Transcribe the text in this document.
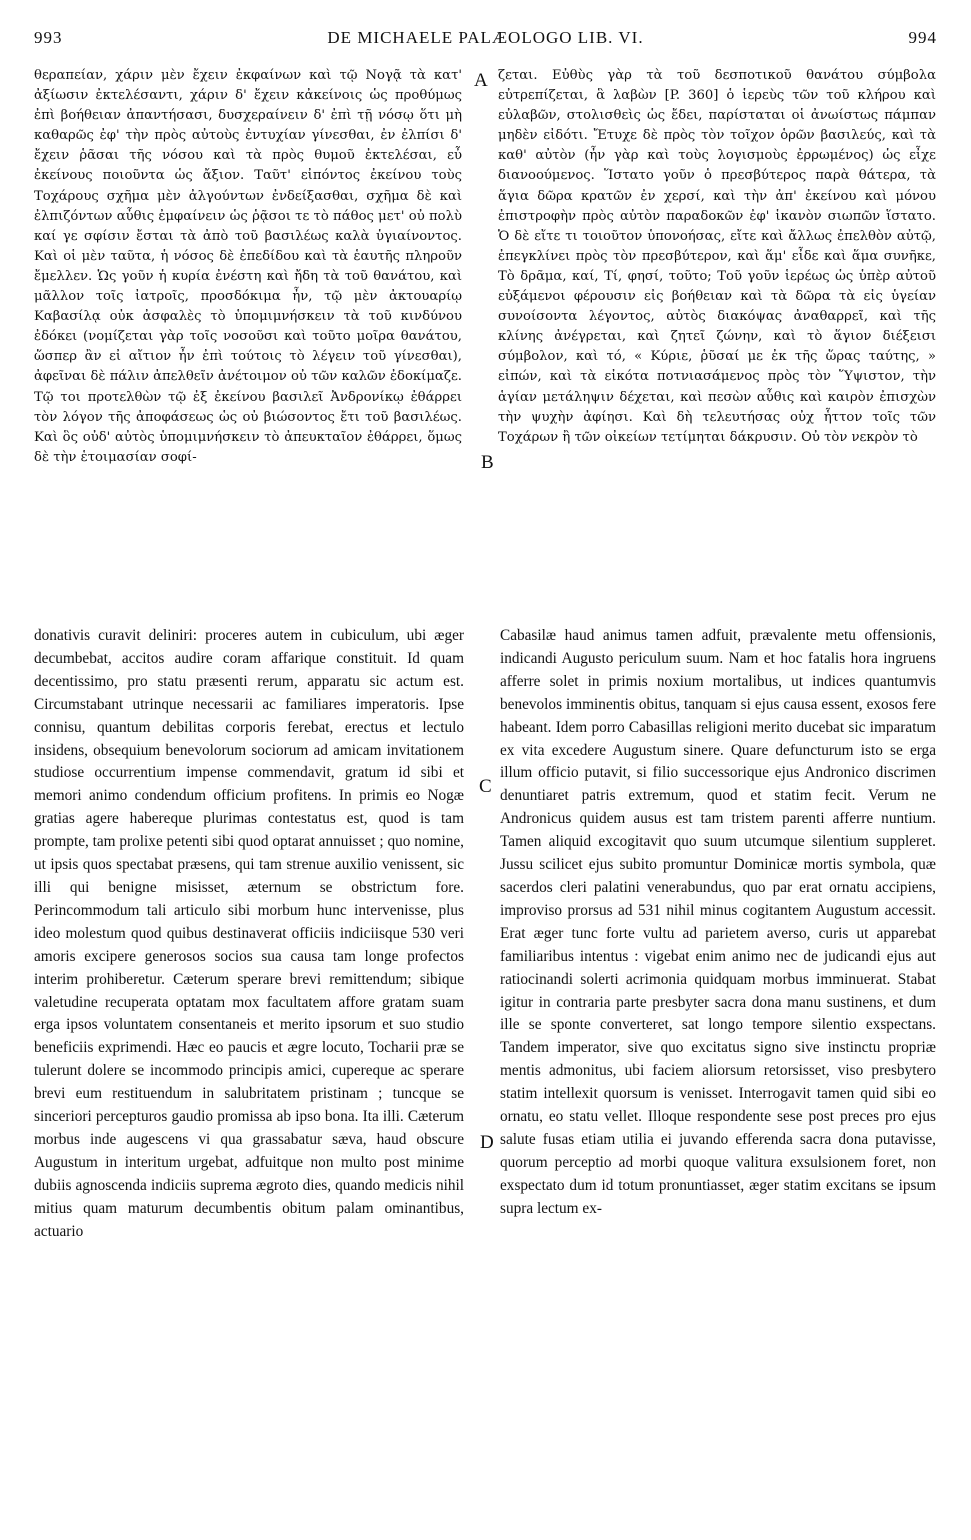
993	DE MICHAELE PALÆOLOGO LIB. VI.	994
A
B
C
D

θεραπείαν, χάριν μὲν ἔχειν ἐκφαίνων καὶ τῷ Νογᾷ τὰ κατ' ἀξίωσιν ἐκτελέσαντι, χάριν δ' ἔχειν κἀκείνοις ὡς προθύμως ἐπὶ βοήθειαν ἀπαντήσασι, δυσχεραίνειν δ' ἐπὶ τῇ νόσῳ ὅτι μὴ καθαρῶς ἐφ' τὴν πρὸς αὐτοὺς ἐντυχίαν γίνεσθαι, ἐν ἐλπίσι δ' ἔχειν ῥᾶσαι τῆς νόσου καὶ τὰ πρὸς θυμοῦ ἐκτελέσαι, εὖ ἐκείνους ποιοῦντα ὡς ἄξιον. Ταῦτ' εἰπόντος ἐκείνου τοὺς Τοχάρους σχῆμα μὲν ἀλγούντων ἐνδείξασθαι, σχῆμα δὲ καὶ ἐλπιζόντων αὖθις ἐμφαίνειν ὡς ῥᾷσοι τε τὸ πάθος μετ' οὐ πολὺ καί γε σφίσιν ἔσται τὰ ἀπὸ τοῦ βασιλέως καλὰ ὑγιαίνοντος. Καὶ οἱ μὲν ταῦτα, ἡ νόσος δὲ ἐπεδίδου καὶ τὰ ἑαυτῆς πληροῦν ἔμελλεν. Ὡς γοῦν ἡ κυρία ἐνέστη καὶ ἤδη τὰ τοῦ θανάτου, καὶ μᾶλλον τοῖς ἰατροῖς, προσδόκιμα ἦν, τῷ μὲν ἀκτουαρίῳ Καβασίλᾳ οὐκ ἀσφαλὲς τὸ ὑπομιμνήσκειν τὰ τοῦ κινδύνου ἐδόκει (νομίζεται γὰρ τοῖς νοσοῦσι καὶ τοῦτο μοῖρα θανάτου, ὥσπερ ἂν εἰ αἴτιον ἦν ἐπὶ τούτοις τὸ λέγειν τοῦ γίνεσθαι), ἀφεῖναι δὲ πάλιν ἀπελθεῖν ἀνέτοιμον οὐ τῶν καλῶν ἐδοκίμαζε. Τῷ τοι προτελθὼν τῷ ἐξ ἐκείνου βασιλεῖ Ἀνδρονίκῳ ἐθάρρει τὸν λόγον τῆς ἀποφάσεως ὡς οὐ βιώσοντος ἔτι τοῦ βασιλέως. Καὶ ὃς οὐδ' αὐτὸς ὑπομιμνήσκειν τὸ ἀπευκταῖον ἐθάρρει, ὅμως δὲ τὴν ἑτοιμασίαν σοφί-

ζεται. Εὐθὺς γὰρ τὰ τοῦ δεσποτικοῦ θανάτου σύμβολα εὐτρεπίζεται, ἃ λαβὼν [P. 360] ὁ ἱερεὺς τῶν τοῦ κλήρου καὶ εὐλαβῶν, στολισθεὶς ὡς ἔδει, παρίσταται οἱ ἀνωίστως πάμπαν μηδὲν εἰδότι. Ἔτυχε δὲ πρὸς τὸν τοῖχον ὁρῶν βασιλεύς, καὶ τὰ καθ' αὐτὸν (ἦν γὰρ καὶ τοὺς λογισμοὺς ἐρρωμένος) ὡς εἶχε διανοούμενος. Ἵστατο γοῦν ὁ πρεσβύτερος παρὰ θάτερα, τὰ ἅγια δῶρα κρατῶν ἐν χερσί, καὶ τὴν ἀπ' ἐκείνου καὶ μόνου ἐπιστροφὴν πρὸς αὐτὸν παραδοκῶν ἐφ' ἱκανὸν σιωπῶν ἵστατο. Ὁ δὲ εἴτε τι τοιοῦτον ὑπονοήσας, εἴτε καὶ ἄλλως ἐπελθὸν αὐτῷ, ἐπεγκλίνει πρὸς τὸν πρεσβύτερον, καὶ ἅμ' εἶδε καὶ ἅμα συνῆκε, Τὸ δρᾶμα, καί, Τί, φησί, τοῦτο; Τοῦ γοῦν ἱερέως ὡς ὑπὲρ αὐτοῦ εὐξάμενοι φέρουσιν εἰς βοήθειαν καὶ τὰ δῶρα τὰ εἰς ὑγείαν συνοίσοντα λέγοντος, αὐτὸς διακόψας ἀναθαρρεῖ, καὶ τῆς κλίνης ἀνέγρεται, καὶ ζητεῖ ζώνην, καὶ τὸ ἅγιον διέξεισι σύμβολον, καὶ τό, « Κύριε, ῥῦσαί με ἐκ τῆς ὥρας ταύτης, » εἰπών, καὶ τὰ εἰκότα ποτνιασάμενος πρὸς τὸν Ὕψιστον, τὴν ἁγίαν μετάληψιν δέχεται, καὶ πεσὼν αὖθις καὶ καιρὸν ἐπισχὼν τὴν ψυχὴν ἀφίησι. Καὶ δὴ τελευτήσας οὐχ ἧττον τοῖς τῶν Τοχάρων ἢ τῶν οἰκείων τετίμηται δάκρυσιν. Οὐ τὸν νεκρὸν τὸ

donativis curavit deliniri: proceres autem in cubiculum, ubi æger decumbebat, accitos audire coram affarique constituit. Id quam decentissimo, pro statu præsenti rerum, apparatu sic actum est. Circumstabant utrinque necessarii ac familiares imperatoris. Ipse connisu, quantum debilitas corporis ferebat, erectus et lectulo insidens, obsequium benevolorum sociorum ad amicam invitationem studiose occurrentium impense commendavit, gratum id sibi et memori animo condendum officium profitens. In primis eo Nogæ gratias agere habereque plurimas contestatus est, quod is tam prompte, tam prolixe petenti sibi quod optarat annuisset ; quo nomine, ut ipsis quos spectabat præsens, qui tam strenue auxilio venissent, sic illi qui benigne misisset, æternum se obstrictum fore. Perincommodum tali articulo sibi morbum hunc intervenisse, plus ideo molestum quod quibus destinaverat officiis indiciisque 530 veri amoris excipere generosos socios sua causa tam longe profectos interim prohiberetur. Cæterum sperare brevi remittendum; sibique valetudine recuperata optatam mox facultatem affore gratam suam erga ipsos voluntatem consentaneis et merito ipsorum et suo studio beneficiis exprimendi. Hæc eo paucis et ægre locuto, Tocharii præ se tulerunt dolere se incommodo principis amici, cupereque ac sperare brevi eum restituendum in salubritatem pristinam ; tuncque se sinceriori percepturos gaudio promissa ab ipso bona. Ita illi. Cæterum morbus inde augescens vi qua grassabatur sæva, haud obscure Augustum in interitum urgebat, adfuitque non multo post minime dubiis agnoscenda indiciis suprema ægroto dies, quando medicis nihil mitius quam maturum decumbentis obitum palam ominantibus, actuario

Cabasilæ haud animus tamen adfuit, prævalente metu offensionis, indicandi Augusto periculum suum. Nam et hoc fatalis hora ingruens afferre solet in primis noxium mortalibus, ut indices quantumvis benevolos imminentis obitus, tanquam si ejus causa essent, exosos fere habeant. Idem porro Cabasillas religioni merito ducebat sic imparatum ex vita excedere Augustum sinere. Quare defuncturum isto se erga illum officio putavit, si filio successorique ejus Andronico discrimen denuntiaret patris extremum, quod et statim fecit. Verum ne Andronicus quidem ausus est tam tristem parenti afferre nuntium. Tamen aliquid excogitavit quo suum utcumque silentium suppleret. Jussu scilicet ejus subito promuntur Dominicæ mortis symbola, quæ sacerdos cleri palatini venerabundus, quo par erat ornatu accipiens, improviso prorsus ad 531 nihil minus cogitantem Augustum accessit. Erat æger tunc forte vultu ad parietem averso, curis ut apparebat familiaribus intentus : vigebat enim animo nec de judicandi ejus aut ratiocinandi solerti acrimonia quidquam morbus imminuerat. Stabat igitur in contraria parte presbyter sacra dona manu sustinens, et dum ille se sponte converteret, sat longo tempore silentio exspectans. Tandem imperator, sive quo excitatus signo sive instinctu propriæ mentis admonitus, ubi faciem aliorsum retorsisset, viso presbytero statim intellexit quorsum is venisset. Interrogavit tamen quid sibi eo ornatu, eo statu vellet. Illoque respondente sese post preces pro ejus salute fusas etiam utilia ei juvando efferenda sacra dona putavisse, quorum perceptio ad morbi quoque valitura exsulsionem foret, non exspectato dum id totum pronuntiasset, æger statim excitans se ipsum supra lectum ex-
